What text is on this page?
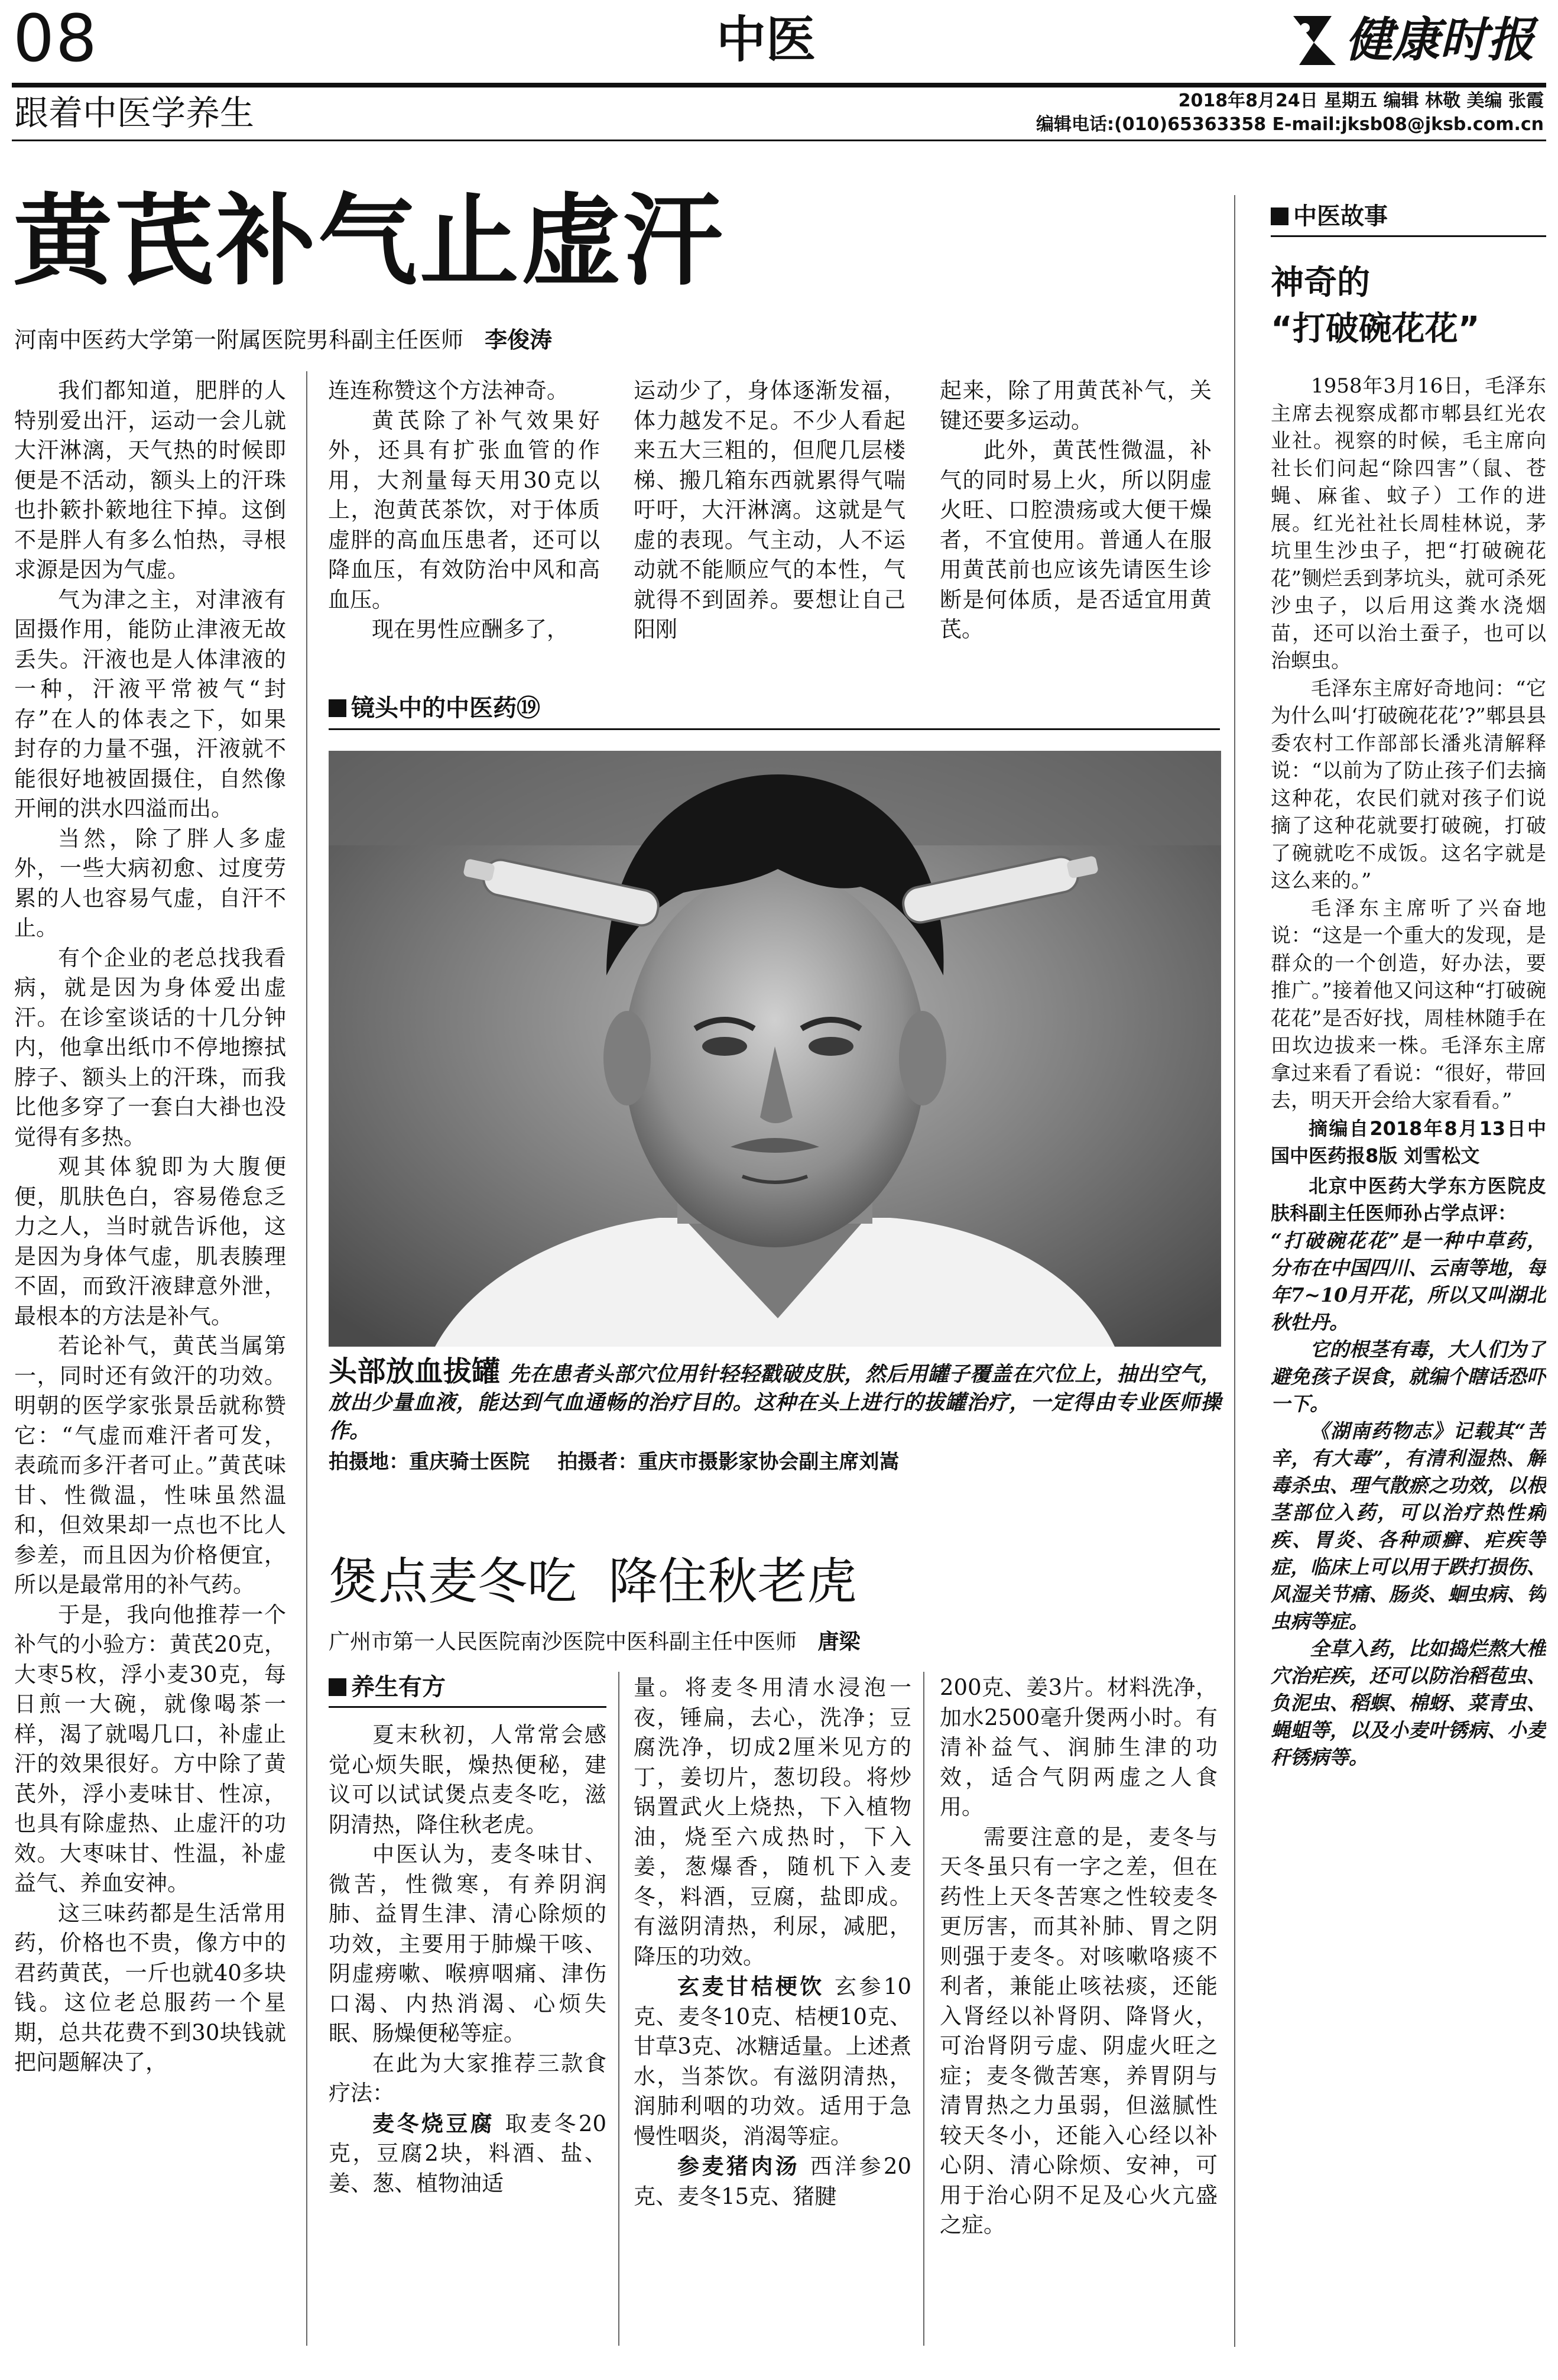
08	中医	健康时报
跟着中医学养生	2018年8月24日 星期五 编辑 林敬 美编 张霞
编辑电话:(010)65363358 E-mail:jksb08@jksb.com.cn
黄芪补气止虚汗
河南中医药大学第一附属医院男科副主任医师 李俊涛

我们都知道，肥胖的人特别爱出汗，运动一会儿就大汗淋漓，天气热的时候即便是不活动，额头上的汗珠也扑簌扑簌地往下掉。这倒不是胖人有多么怕热，寻根求源是因为气虚。

气为津之主，对津液有固摄作用，能防止津液无故丢失。汗液也是人体津液的一种，汗液平常被气“封存”在人的体表之下，如果封存的力量不强，汗液就不能很好地被固摄住，自然像开闸的洪水四溢而出。

当然，除了胖人多虚外，一些大病初愈、过度劳累的人也容易气虚，自汗不止。

有个企业的老总找我看病，就是因为身体爱出虚汗。在诊室谈话的十几分钟内，他拿出纸巾不停地擦拭脖子、额头上的汗珠，而我比他多穿了一套白大褂也没觉得有多热。

观其体貌即为大腹便便，肌肤色白，容易倦怠乏力之人，当时就告诉他，这是因为身体气虚，肌表腠理不固，而致汗液肆意外泄，最根本的方法是补气。

若论补气，黄芪当属第一，同时还有敛汗的功效。明朝的医学家张景岳就称赞它：“气虚而难汗者可发，表疏而多汗者可止。”黄芪味甘、性微温，性味虽然温和，但效果却一点也不比人参差，而且因为价格便宜，所以是最常用的补气药。

于是，我向他推荐一个补气的小验方：黄芪20克，大枣5枚，浮小麦30克，每日煎一大碗，就像喝茶一样，渴了就喝几口，补虚止汗的效果很好。方中除了黄芪外，浮小麦味甘、性凉，也具有除虚热、止虚汗的功效。大枣味甘、性温，补虚益气、养血安神。

这三味药都是生活常用药，价格也不贵，像方中的君药黄芪，一斤也就40多块钱。这位老总服药一个星期，总共花费不到30块钱就把问题解决了，

连连称赞这个方法神奇。

黄芪除了补气效果好外，还具有扩张血管的作用，大剂量每天用30克以上，泡黄芪茶饮，对于体质虚胖的高血压患者，还可以降血压，有效防治中风和高血压。

现在男性应酬多了，

运动少了，身体逐渐发福，体力越发不足。不少人看起来五大三粗的，但爬几层楼梯、搬几箱东西就累得气喘吁吁，大汗淋漓。这就是气虚的表现。气主动，人不运动就不能顺应气的本性，气就得不到固养。要想让自己阳刚

起来，除了用黄芪补气，关键还要多运动。

此外，黄芪性微温，补气的同时易上火，所以阴虚火旺、口腔溃疡或大便干燥者，不宜使用。普通人在服用黄芪前也应该先请医生诊断是何体质，是否适宜用黄芪。

镜头中的中医药⑲
头部放血拔罐 先在患者头部穴位用针轻轻戳破皮肤，然后用罐子覆盖在穴位上，抽出空气，放出少量血液，能达到气血通畅的治疗目的。这种在头上进行的拔罐治疗，一定得由专业医师操作。
拍摄地：重庆骑士医院    拍摄者：重庆市摄影家协会副主席刘嵩
煲点麦冬吃  降住秋老虎
广州市第一人民医院南沙医院中医科副主任中医师 唐梁
养生有方

夏末秋初，人常常会感觉心烦失眠，燥热便秘，建议可以试试煲点麦冬吃，滋阴清热，降住秋老虎。

中医认为，麦冬味甘、微苦，性微寒，有养阴润肺、益胃生津、清心除烦的功效，主要用于肺燥干咳、阴虚痨嗽、喉痹咽痛、津伤口渴、内热消渴、心烦失眠、肠燥便秘等症。

在此为大家推荐三款食疗法：

麦冬烧豆腐 取麦冬20克，豆腐2块，料酒、盐、姜、葱、植物油适

量。将麦冬用清水浸泡一夜，锤扁，去心，洗净；豆腐洗净，切成2厘米见方的丁，姜切片，葱切段。将炒锅置武火上烧热，下入植物油，烧至六成热时，下入姜，葱爆香，随机下入麦冬，料酒，豆腐，盐即成。有滋阴清热，利尿，减肥，降压的功效。

玄麦甘桔梗饮 玄参10克、麦冬10克、桔梗10克、甘草3克、冰糖适量。上述煮水，当茶饮。有滋阴清热，润肺利咽的功效。适用于急慢性咽炎，消渴等症。

参麦猪肉汤 西洋参20克、麦冬15克、猪腱

200克、姜3片。材料洗净，加水2500毫升煲两小时。有清补益气、润肺生津的功效，适合气阴两虚之人食用。

需要注意的是，麦冬与天冬虽只有一字之差，但在药性上天冬苦寒之性较麦冬更厉害，而其补肺、胃之阴则强于麦冬。对咳嗽咯痰不利者，兼能止咳祛痰，还能入肾经以补肾阴、降肾火，可治肾阴亏虚、阴虚火旺之症；麦冬微苦寒，养胃阴与清胃热之力虽弱，但滋腻性较天冬小，还能入心经以补心阴、清心除烦、安神，可用于治心阴不足及心火亢盛之症。

中医故事
神奇的
“打破碗花花”

1958年3月16日，毛泽东主席去视察成都市郫县红光农业社。视察的时候，毛主席向社长们问起“除四害”（鼠、苍蝇、麻雀、蚊子）工作的进展。红光社社长周桂林说，茅坑里生沙虫子，把“打破碗花花”铡烂丢到茅坑头，就可杀死沙虫子，以后用这粪水浇烟苗，还可以治土蚕子，也可以治螟虫。

毛泽东主席好奇地问：“它为什么叫‘打破碗花花’?”郫县县委农村工作部部长潘兆清解释说：“以前为了防止孩子们去摘这种花，农民们就对孩子们说摘了这种花就要打破碗，打破了碗就吃不成饭。这名字就是这么来的。”

毛泽东主席听了兴奋地说：“这是一个重大的发现，是群众的一个创造，好办法，要推广。”接着他又问这种“打破碗花花”是否好找，周桂林随手在田坎边拔来一株。毛泽东主席拿过来看了看说：“很好，带回去，明天开会给大家看看。”

摘编自2018年8月13日中国中医药报8版 刘雪松文

北京中医药大学东方医院皮肤科副主任医师孙占学点评：

“打破碗花花”是一种中草药，分布在中国四川、云南等地，每年7~10月开花，所以又叫湖北秋牡丹。

它的根茎有毒，大人们为了避免孩子误食，就编个瞎话恐吓一下。

《湖南药物志》记载其“苦辛，有大毒”，有清利湿热、解毒杀虫、理气散瘀之功效，以根茎部位入药，可以治疗热性痢疾、胃炎、各种顽癣、疟疾等症，临床上可以用于跌打损伤、风湿关节痛、肠炎、蛔虫病、钩虫病等症。

全草入药，比如捣烂熬大椎穴治疟疾，还可以防治稻苞虫、负泥虫、稻螟、棉蚜、菜青虫、蝇蛆等，以及小麦叶锈病、小麦秆锈病等。
